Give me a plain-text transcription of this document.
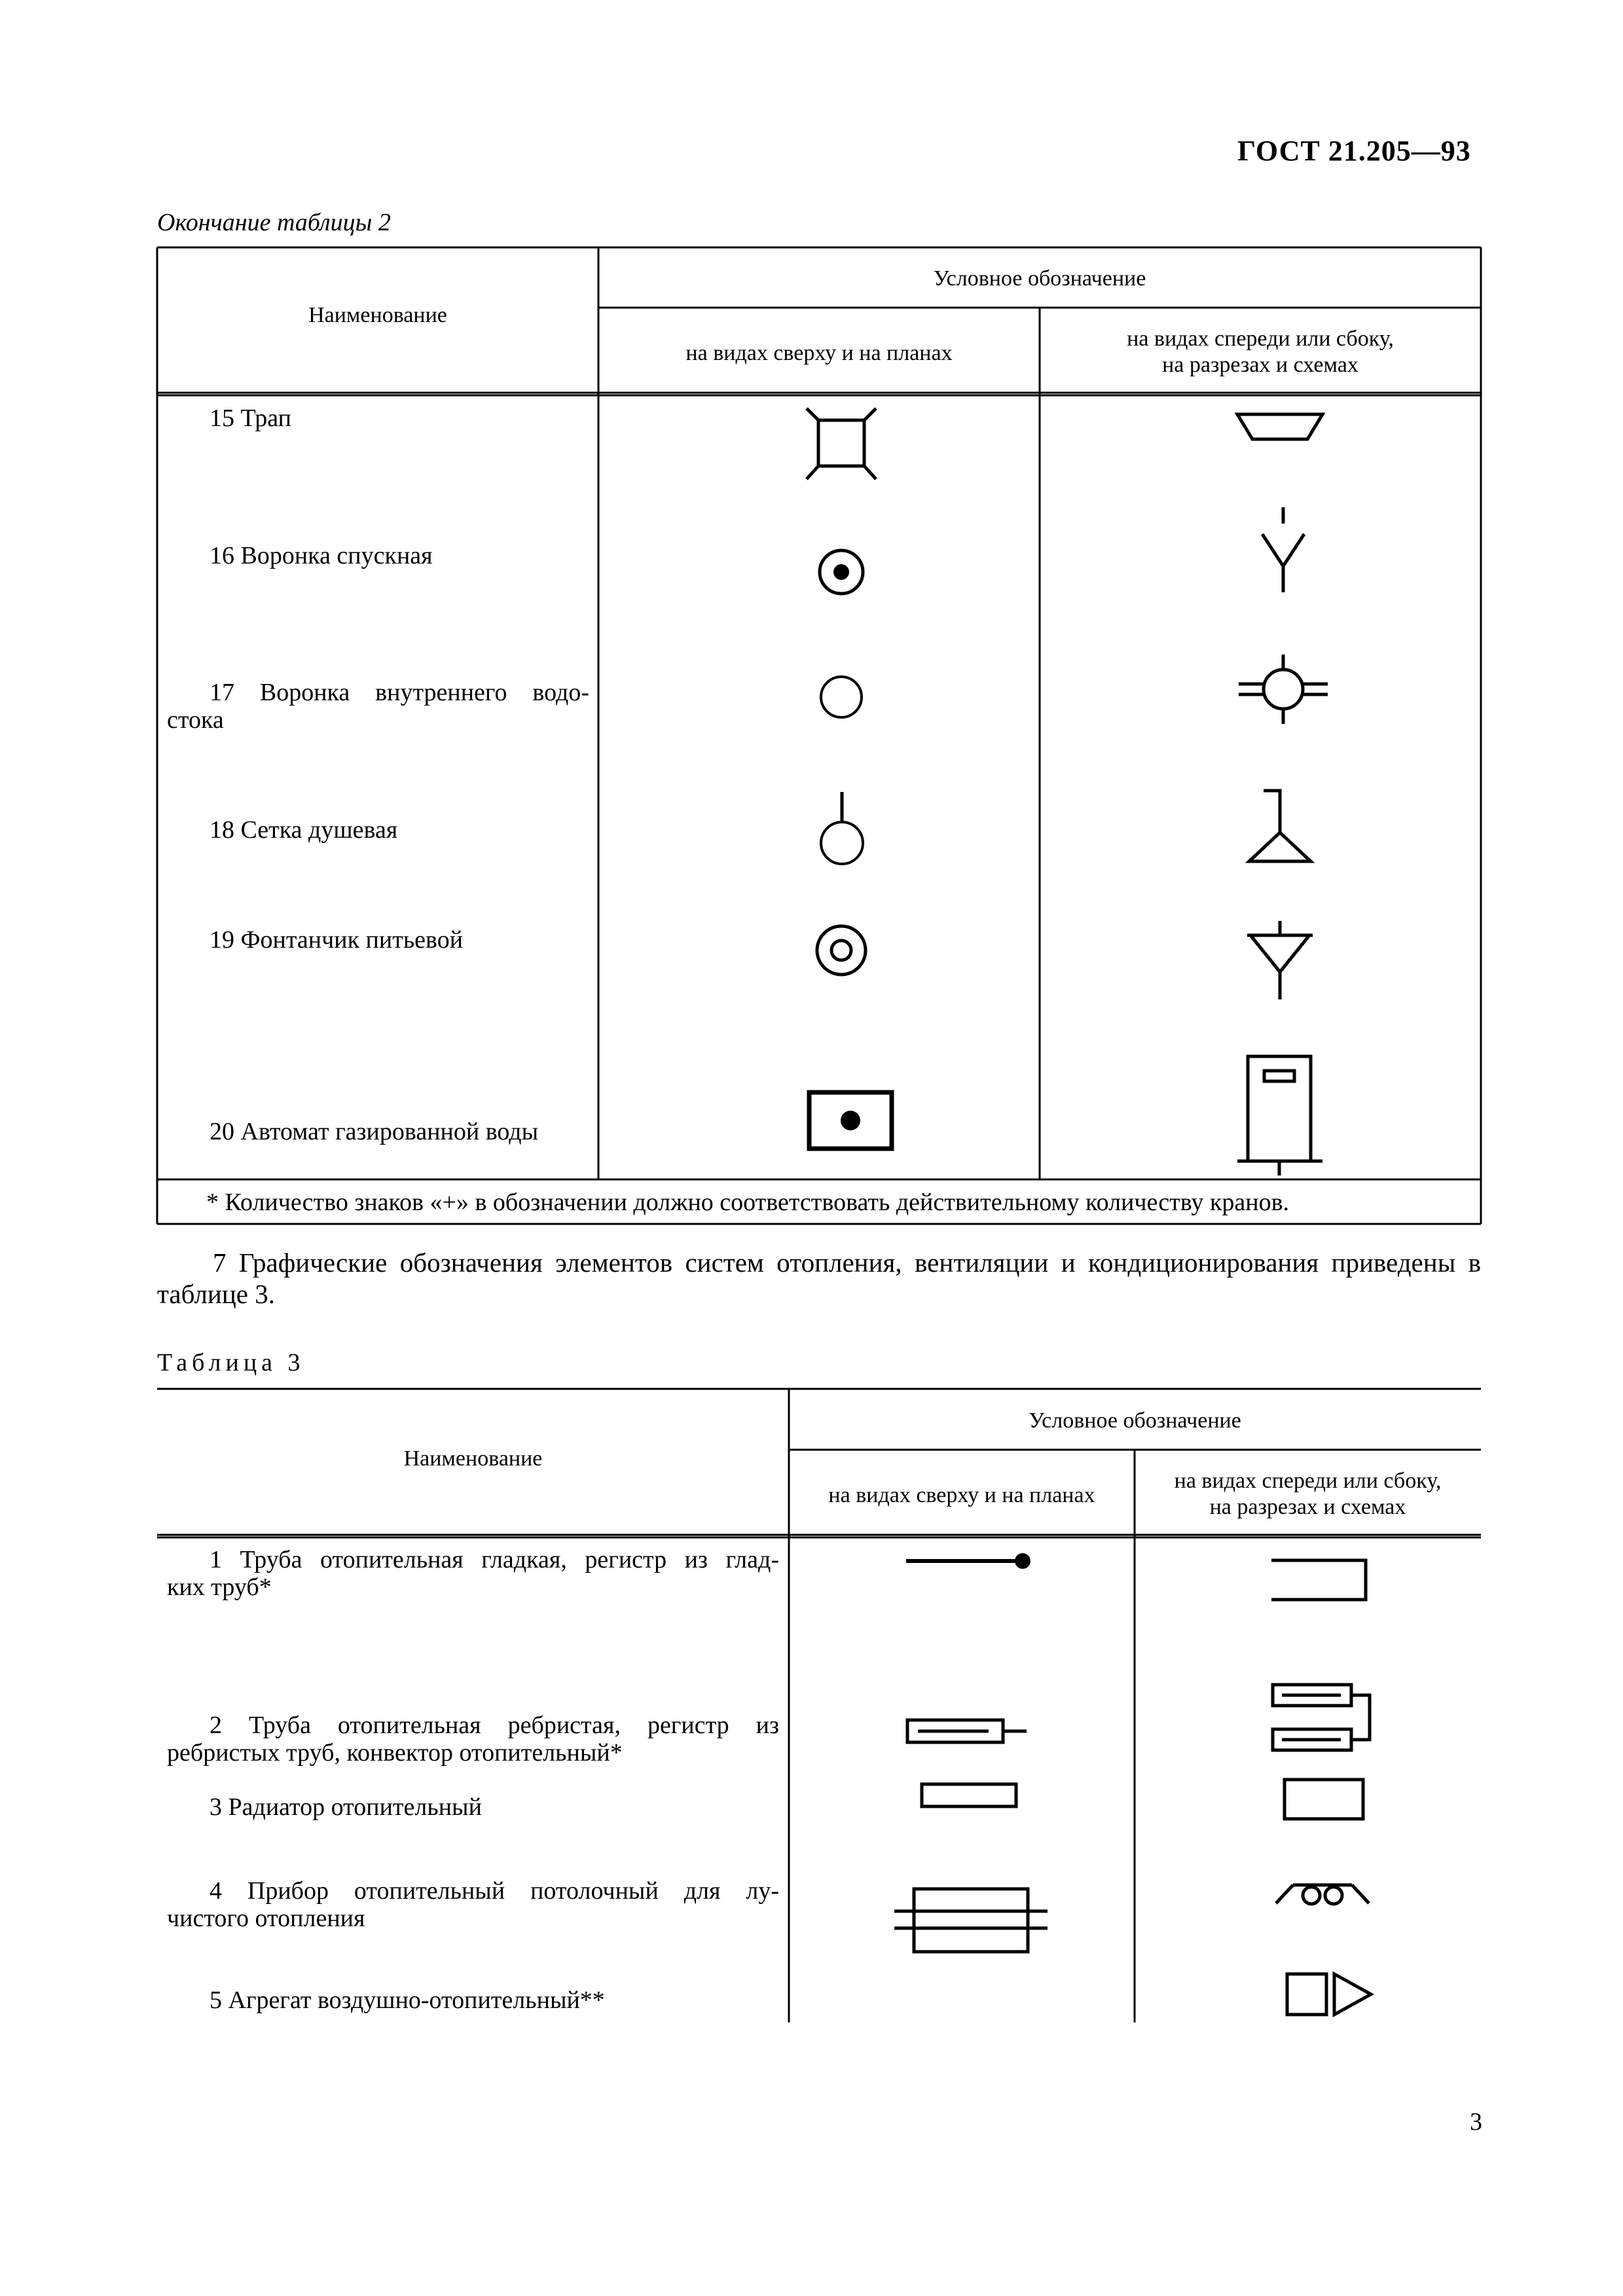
ГОСТ 21.205—93
Окончание таблицы 2
Наименование
Условное обозначение
на видах сверху и на планах
на видах спереди или сбоку,
на разрезах и схемах
15 Трап
16 Воронка спускная
17 Воронка внутреннего водо-
стока
18 Сетка душевая
19 Фонтанчик питьевой
20 Автомат газированной воды
* Количество знаков «+» в обозначении должно соответствовать действительному количеству кранов.
7 Графические обозначения элементов систем отопления, вентиляции и кондиционирования приведены в таблице 3.
Таблица 3
Наименование
Условное обозначение
на видах сверху и на планах
на видах спереди или сбоку,
на разрезах и схемах
1 Труба отопительная гладкая, регистр из глад-
ких труб*
2 Труба отопительная ребристая, регистр из
ребристых труб, конвектор отопительный*
3 Радиатор отопительный
4 Прибор отопительный потолочный для лу-
чистого отопления
5 Агрегат воздушно-отопительный**
3
